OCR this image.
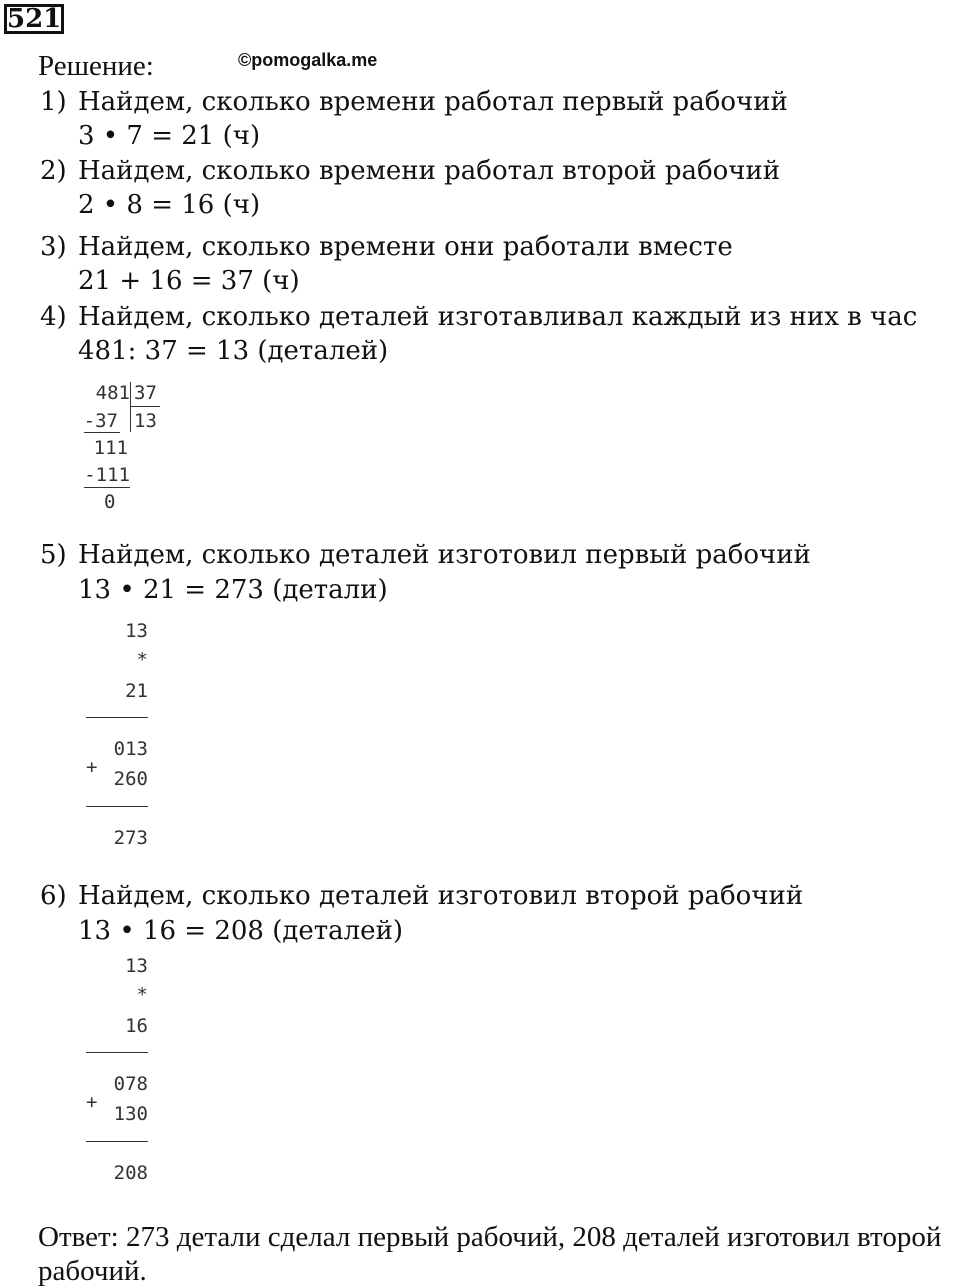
521
Решение:	©pomogalka.me
1) Найдем, сколько времени работал первый рабочий
3 • 7 = 21 (ч)
2) Найдем, сколько времени работал второй рабочий
2 • 8 = 16 (ч)
3) Найдем, сколько времени они работали вместе
21 + 16 = 37 (ч)
4) Найдем, сколько деталей изготавливал каждый из них в час
481: 37 = 13 (деталей)
481 37
13
-37
111
-111
0
5) Найдем, сколько деталей изготовил первый рабочий
13 • 21 = 273 (детали)
13
*
21
013
+
260
273
6) Найдем, сколько деталей изготовил второй рабочий
13 • 16 = 208 (деталей)
13
*
16
078
+
130
208
Ответ: 273 детали сделал первый рабочий, 208 деталей изготовил второй рабочий.
